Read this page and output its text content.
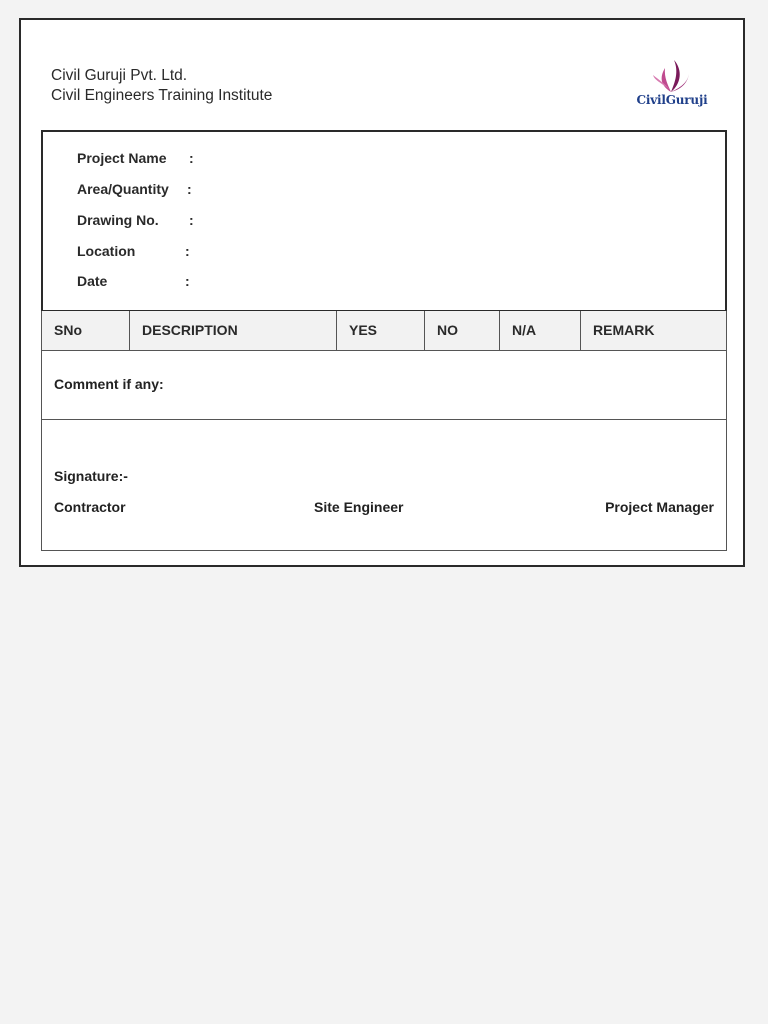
Civil Guruji Pvt. Ltd.
Civil Engineers Training Institute	CivilGuruji
Project Name :
Area/Quantity :
Drawing No. :
Location	:
Date	:
SNo	DESCRIPTION	YES	NO	N/A	REMARK
Comment if any:
Signature:-
Contractor	Site Engineer	Project Manager
